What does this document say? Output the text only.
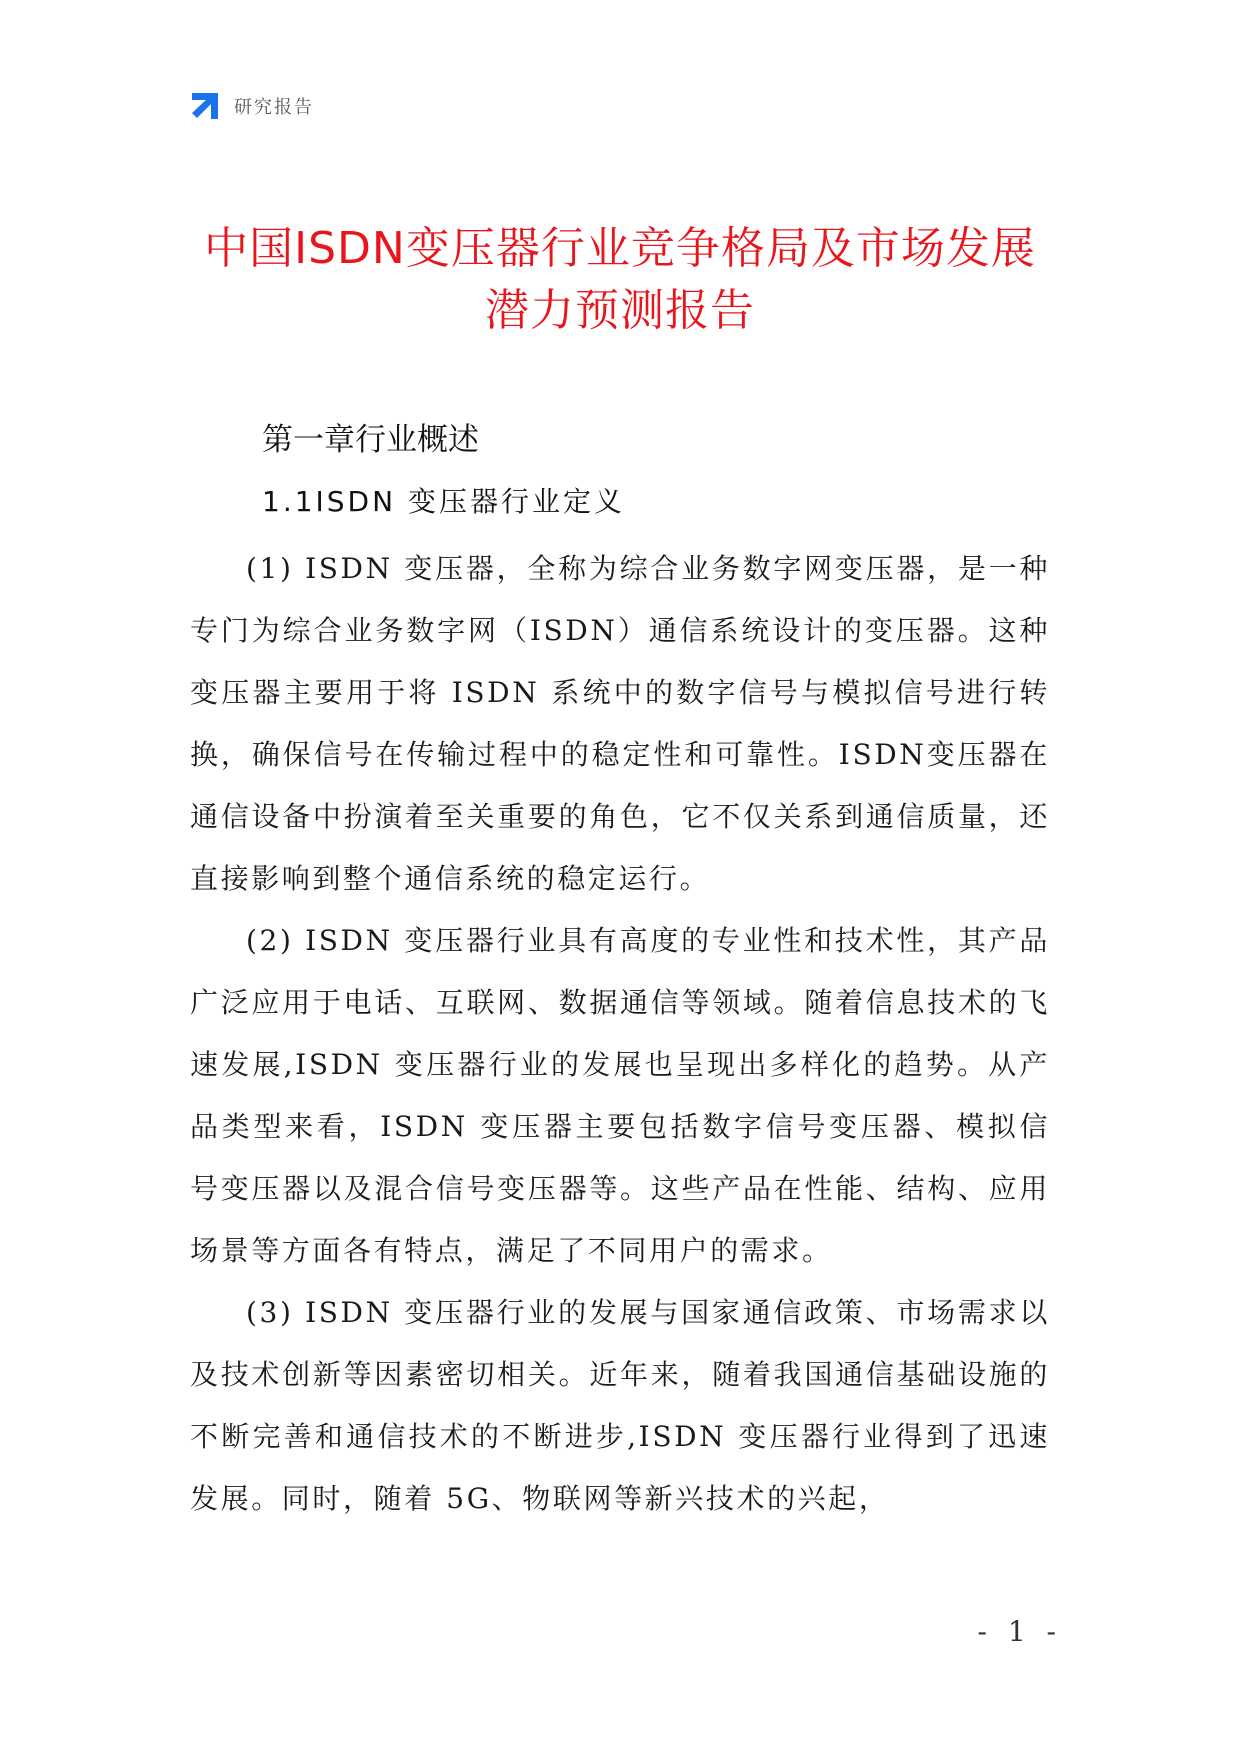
研究报告
中国ISDN变压器行业竞争格局及市场发展
潜力预测报告
第一章行业概述
1.1ISDN 变压器行业定义

(1) ISDN 变压器，全称为综合业务数字网变压器，是一种专门为综合业务数字网（ISDN）通信系统设计的变压器。这种变压器主要用于将 ISDN 系统中的数字信号与模拟信号进行转换，确保信号在传输过程中的稳定性和可靠性。ISDN变压器在通信设备中扮演着至关重要的角色，它不仅关系到通信质量，还直接影响到整个通信系统的稳定运行。

(2) ISDN 变压器行业具有高度的专业性和技术性，其产品广泛应用于电话、互联网、数据通信等领域。随着信息技术的飞速发展,ISDN 变压器行业的发展也呈现出多样化的趋势。从产品类型来看，ISDN 变压器主要包括数字信号变压器、模拟信号变压器以及混合信号变压器等。这些产品在性能、结构、应用场景等方面各有特点，满足了不同用户的需求。

(3) ISDN 变压器行业的发展与国家通信政策、市场需求以及技术创新等因素密切相关。近年来，随着我国通信基础设施的不断完善和通信技术的不断进步,ISDN 变压器行业得到了迅速发展。同时，随着 5G、物联网等新兴技术的兴起，

- 1 -
